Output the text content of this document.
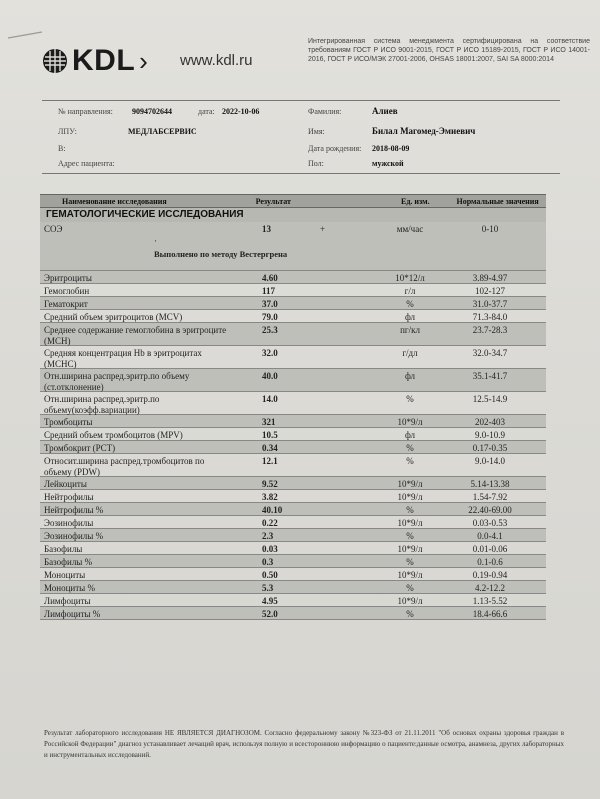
KDL › www.kdl.ru
Интегрированная система менеджмента сертифицирована на соответствие требованиям ГОСТ Р ИСО 9001-2015, ГОСТ Р ИСО 15189-2015, ГОСТ Р ИСО 14001-2016, ГОСТ Р ИСО/МЭК 27001-2006, OHSAS 18001:2007, SAI SA 8000:2014
№ направления: 9094702644	дата: 2022-10-06
ЛПУ:	МЕДЛАБСЕРВИС
В:
Адрес пациента:
Фамилия:	Алиев
Имя:	Билал Магомед-Эмиевич
Дата рождения: 2018-08-09
Пол:	мужской
Наименование исследования	Результат	Ед. изм.	Нормальные значения
ГЕМАТОЛОГИЧЕСКИЕ ИССЛЕДОВАНИЯ
СОЭ	13	+	мм/час	0-10
·
Выполнено по методу Вестергрена
Эритроциты	4.60	10*12/л	3.89-4.97
Гемоглобин	117	г/л	102-127
Гематокрит	37.0	%	31.0-37.7
Средний объем эритроцитов (MCV)	79.0	фл	71.3-84.0
Среднее содержание гемоглобина в эритроците (MCH)
25.3	пг/кл	23.7-28.3
Средняя концентрация Hb в эритроцитах (MCHC)
32.0	г/дл	32.0-34.7
Отн.ширина распред.эритр.по объему (ст.отклонение)
40.0	фл	35.1-41.7
Отн.ширина распред.эритр.по объему(коэфф.вариации)
14.0	%	12.5-14.9
Тромбоциты	321	10*9/л	202-403
Средний объем тромбоцитов (MPV)	10.5	фл	9.0-10.9
Тромбокрит (PCT)	0.34	%	0.17-0.35
Относит.ширина распред.тромбоцитов по объему (PDW)
12.1	%	9.0-14.0
Лейкоциты	9.52	10*9/л	5.14-13.38
Нейтрофилы	3.82	10*9/л	1.54-7.92
Нейтрофилы %	40.10	%	22.40-69.00
Эозинофилы	0.22	10*9/л	0.03-0.53
Эозинофилы %	2.3	%	0.0-4.1
Базофилы	0.03	10*9/л	0.01-0.06
Базофилы %	0.3	%	0.1-0.6
Моноциты	0.50	10*9/л	0.19-0.94
Моноциты %	5.3	%	4.2-12.2
Лимфоциты	4.95	10*9/л	1.13-5.52
Лимфоциты %	52.0	%	18.4-66.6
Результат лабораторного исследования НЕ ЯВЛЯЕТСЯ ДИАГНОЗОМ. Согласно федеральному закону №323-ФЗ от 21.11.2011 "Об основах охраны здоровья граждан в Российской Федерации" диагноз устанавливает лечащий врач, используя полную и всестороннюю информацию о пациенте:данные осмотра, анамнеза, других лабораторных и инструментальных исследований.
